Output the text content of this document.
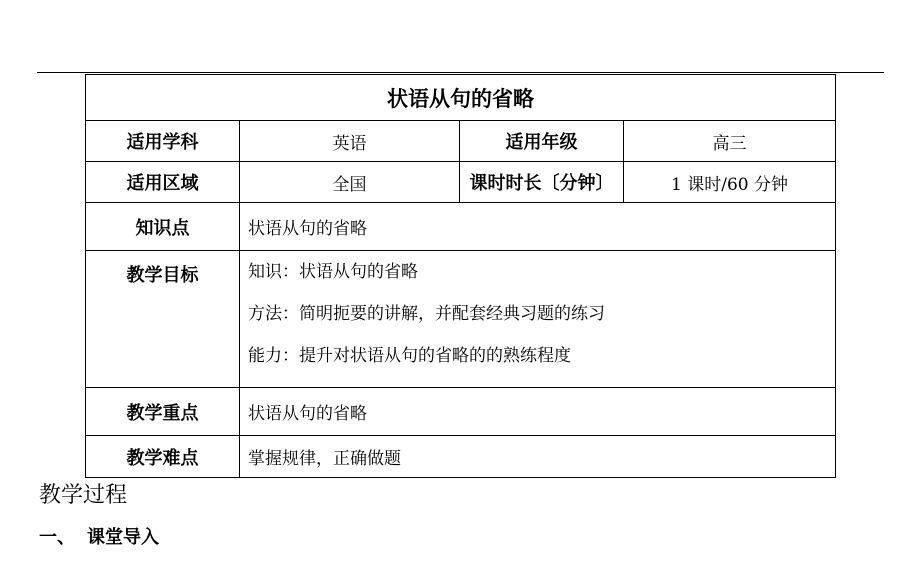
状语从句的省略			
适用学科	英语	适用年级	高三
适用区域	全国	课时时长〔分钟〕	1 课时/60 分钟
知识点	状语从句的省略		
教学目标	知识：状语从句的省略
方法：简明扼要的讲解，并配套经典习题的练习
能力：提升对状语从句的省略的的熟练程度		

教学重点	状语从句的省略		
教学难点	掌握规律，正确做题		
教学过程
一、 课堂导入
